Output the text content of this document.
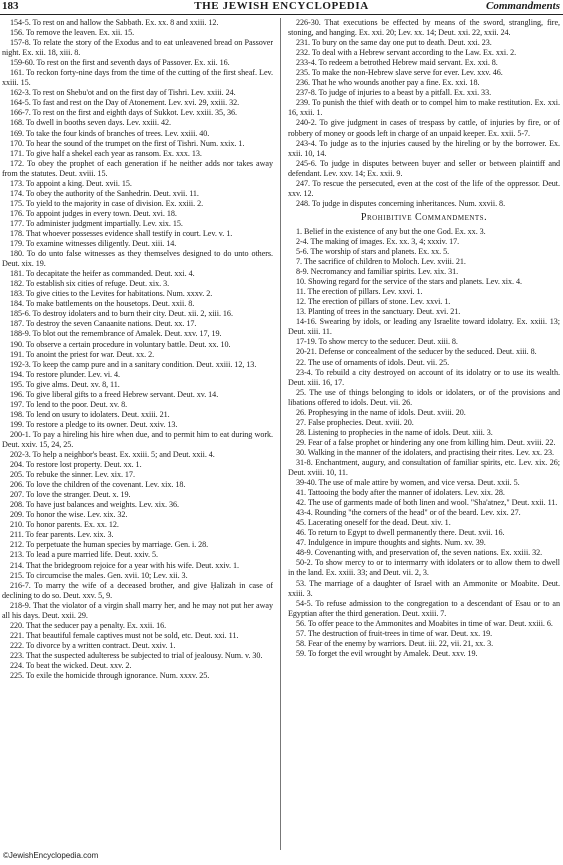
183	THE JEWISH ENCYCLOPEDIA	Commandments

154-5. To rest on and hallow the Sabbath. Ex. xx. 8 and xxiii. 12.

156. To remove the leaven. Ex. xii. 15.

157-8. To relate the story of the Exodus and to eat unleavened bread on Passover night. Ex. xii. 18, xiii. 8.

159-60. To rest on the first and seventh days of Passover. Ex. xii. 16.

161. To reckon forty-nine days from the time of the cutting of the first sheaf. Lev. xxiii. 15.

162-3. To rest on Shebu'ot and on the first day of Tishri. Lev. xxiii. 24.

164-5. To fast and rest on the Day of Atonement. Lev. xvi. 29, xxiii. 32.

166-7. To rest on the first and eighth days of Sukkot. Lev. xxiii. 35, 36.

168. To dwell in booths seven days. Lev. xxiii. 42.

169. To take the four kinds of branches of trees. Lev. xxiii. 40.

170. To hear the sound of the trumpet on the first of Tishri. Num. xxix. 1.

171. To give half a shekel each year as ransom. Ex. xxx. 13.

172. To obey the prophet of each generation if he neither adds nor takes away from the statutes. Deut. xviii. 15.

173. To appoint a king. Deut. xvii. 15.

174. To obey the authority of the Sanhedrin. Deut. xvii. 11.

175. To yield to the majority in case of division. Ex. xxiii. 2.

176. To appoint judges in every town. Deut. xvi. 18.

177. To administer judgment impartially. Lev. xix. 15.

178. That whoever possesses evidence shall testify in court. Lev. v. 1.

179. To examine witnesses diligently. Deut. xiii. 14.

180. To do unto false witnesses as they themselves designed to do unto others. Deut. xix. 19.

181. To decapitate the heifer as commanded. Deut. xxi. 4.

182. To establish six cities of refuge. Deut. xix. 3.

183. To give cities to the Levites for habitations. Num. xxxv. 2.

184. To make battlements on the housetops. Deut. xxii. 8.

185-6. To destroy idolaters and to burn their city. Deut. xii. 2, xiii. 16.

187. To destroy the seven Canaanite nations. Deut. xx. 17.

188-9. To blot out the remembrance of Amalek. Deut. xxv. 17, 19.

190. To observe a certain procedure in voluntary battle. Deut. xx. 10.

191. To anoint the priest for war. Deut. xx. 2.

192-3. To keep the camp pure and in a sanitary condition. Deut. xxiii. 12, 13.

194. To restore plunder. Lev. vi. 4.

195. To give alms. Deut. xv. 8, 11.

196. To give liberal gifts to a freed Hebrew servant. Deut. xv. 14.

197. To lend to the poor. Deut. xv. 8.

198. To lend on usury to idolaters. Deut. xxiii. 21.

199. To restore a pledge to its owner. Deut. xxiv. 13.

200-1. To pay a hireling his hire when due, and to permit him to eat during work. Deut. xxiv. 15, 24, 25.

202-3. To help a neighbor's beast. Ex. xxiii. 5; and Deut. xxii. 4.

204. To restore lost property. Deut. xx. 1.

205. To rebuke the sinner. Lev. xix. 17.

206. To love the children of the covenant. Lev. xix. 18.

207. To love the stranger. Deut. x. 19.

208. To have just balances and weights. Lev. xix. 36.

209. To honor the wise. Lev. xix. 32.

210. To honor parents. Ex. xx. 12.

211. To fear parents. Lev. xix. 3.

212. To perpetuate the human species by marriage. Gen. i. 28.

213. To lead a pure married life. Deut. xxiv. 5.

214. That the bridegroom rejoice for a year with his wife. Deut. xxiv. 1.

215. To circumcise the males. Gen. xvii. 10; Lev. xii. 3.

216-7. To marry the wife of a deceased brother, and give Ḥalizah in case of declining to do so. Deut. xxv. 5, 9.

218-9. That the violator of a virgin shall marry her, and he may not put her away all his days. Deut. xxii. 29.

220. That the seducer pay a penalty. Ex. xxii. 16.

221. That beautiful female captives must not be sold, etc. Deut. xxi. 11.

222. To divorce by a written contract. Deut. xxiv. 1.

223. That the suspected adulteress be subjected to trial of jealousy. Num. v. 30.

224. To beat the wicked. Deut. xxv. 2.

225. To exile the homicide through ignorance. Num. xxxv. 25.

226-30. That executions be effected by means of the sword, strangling, fire, stoning, and hanging. Ex. xxi. 20; Lev. xx. 14; Deut. xxi. 22, xxii. 24.

231. To bury on the same day one put to death. Deut. xxi. 23.

232. To deal with a Hebrew servant according to the Law. Ex. xxi. 2.

233-4. To redeem a betrothed Hebrew maid servant. Ex. xxi. 8.

235. To make the non-Hebrew slave serve for ever. Lev. xxv. 46.

236. That he who wounds another pay a fine. Ex. xxi. 18.

237-8. To judge of injuries to a beast by a pitfall. Ex. xxi. 33.

239. To punish the thief with death or to compel him to make restitution. Ex. xxi. 16, xxii. 1.

240-2. To give judgment in cases of trespass by cattle, of injuries by fire, or of robbery of money or goods left in charge of an unpaid keeper. Ex. xxii. 5-7.

243-4. To judge as to the injuries caused by the hireling or by the borrower. Ex. xxii. 10, 14.

245-6. To judge in disputes between buyer and seller or between plaintiff and defendant. Lev. xxv. 14; Ex. xxii. 9.

247. To rescue the persecuted, even at the cost of the life of the oppressor. Deut. xxv. 12.

248. To judge in disputes concerning inheritances. Num. xxvii. 8.

Prohibitive Commandments.

1. Belief in the existence of any but the one God. Ex. xx. 3.

2-4. The making of images. Ex. xx. 3, 4; xxxiv. 17.

5-6. The worship of stars and planets. Ex. xx. 5.

7. The sacrifice of children to Moloch. Lev. xviii. 21.

8-9. Necromancy and familiar spirits. Lev. xix. 31.

10. Showing regard for the service of the stars and planets. Lev. xix. 4.

11. The erection of pillars. Lev. xxvi. 1.

12. The erection of pillars of stone. Lev. xxvi. 1.

13. Planting of trees in the sanctuary. Deut. xvi. 21.

14-16. Swearing by idols, or leading any Israelite toward idolatry. Ex. xxiii. 13; Deut. xiii. 11.

17-19. To show mercy to the seducer. Deut. xiii. 8.

20-21. Defense or concealment of the seducer by the seduced. Deut. xiii. 8.

22. The use of ornaments of idols. Deut. vii. 25.

23-4. To rebuild a city destroyed on account of its idolatry or to use its wealth. Deut. xiii. 16, 17.

25. The use of things belonging to idols or idolaters, or of the provisions and libations offered to idols. Deut. vii. 26.

26. Prophesying in the name of idols. Deut. xviii. 20.

27. False prophecies. Deut. xviii. 20.

28. Listening to prophecies in the name of idols. Deut. xiii. 3.

29. Fear of a false prophet or hindering any one from killing him. Deut. xviii. 22.

30. Walking in the manner of the idolaters, and practising their rites. Lev. xx. 23.

31-8. Enchantment, augury, and consultation of familiar spirits, etc. Lev. xix. 26; Deut. xviii. 10, 11.

39-40. The use of male attire by women, and vice versa. Deut. xxii. 5.

41. Tattooing the body after the manner of idolaters. Lev. xix. 28.

42. The use of garments made of both linen and wool. "Sha'atnez," Deut. xxii. 11.

43-4. Rounding "the corners of the head" or of the beard. Lev. xix. 27.

45. Lacerating oneself for the dead. Deut. xiv. 1.

46. To return to Egypt to dwell permanently there. Deut. xvii. 16.

47. Indulgence in impure thoughts and sights. Num. xv. 39.

48-9. Covenanting with, and preservation of, the seven nations. Ex. xxiii. 32.

50-2. To show mercy to or to intermarry with idolaters or to allow them to dwell in the land. Ex. xxiii. 33; and Deut. vii. 2, 3.

53. The marriage of a daughter of Israel with an Ammonite or Moabite. Deut. xxiii. 3.

54-5. To refuse admission to the congregation to a descendant of Esau or to an Egyptian after the third generation. Deut. xxiii. 7.

56. To offer peace to the Ammonites and Moabites in time of war. Deut. xxiii. 6.

57. The destruction of fruit-trees in time of war. Deut. xx. 19.

58. Fear of the enemy by warriors. Deut. iii. 22, vii. 21, xx. 3.

59. To forget the evil wrought by Amalek. Deut. xxv. 19.

©JewishEncyclopedia.com
